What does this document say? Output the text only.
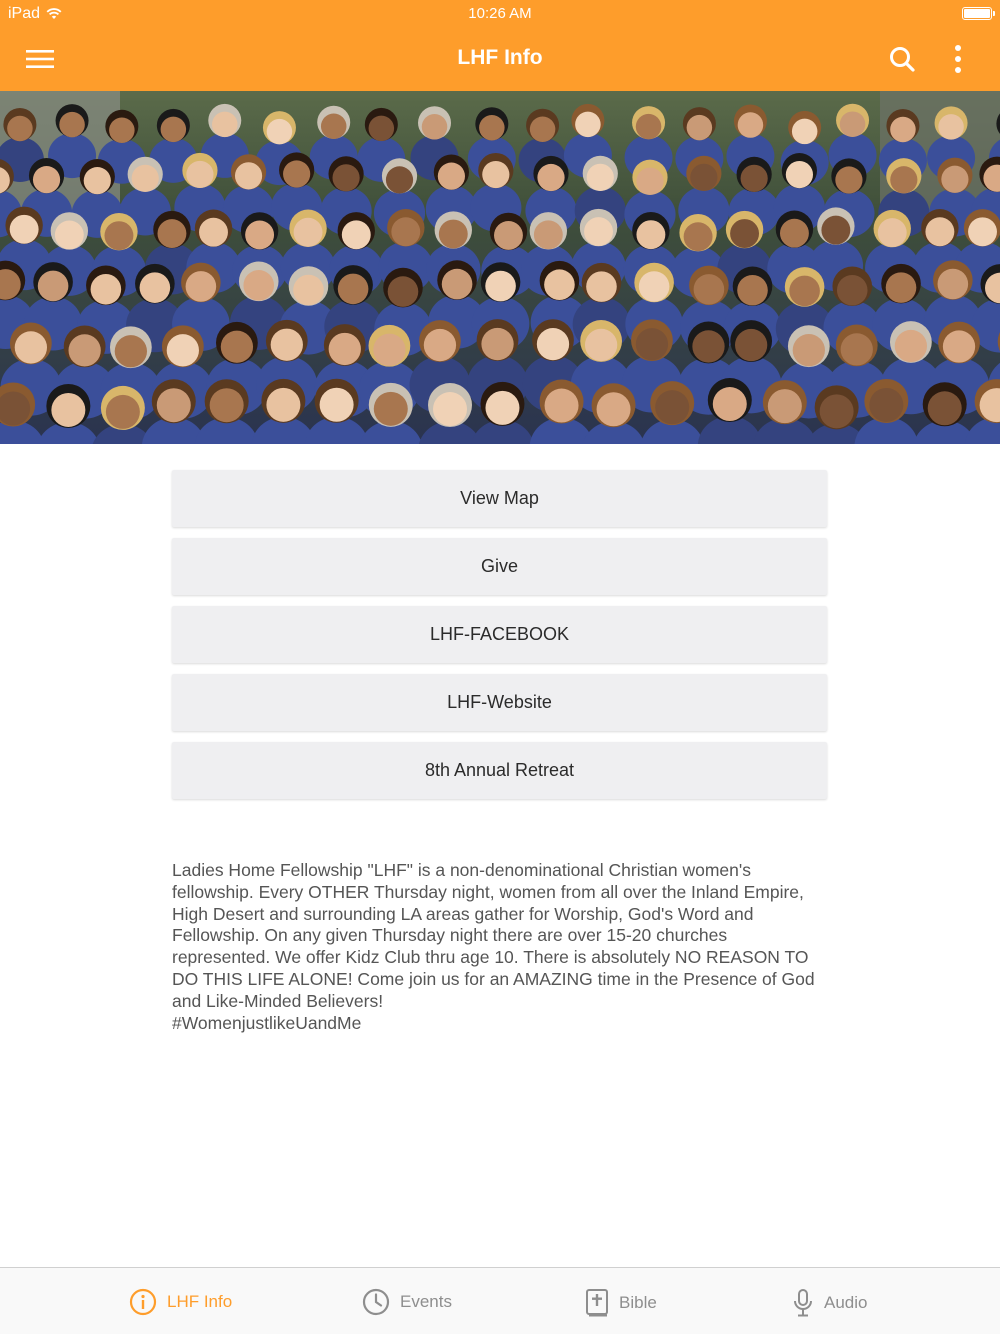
iPad	10:26 AM
LHF Info
View Map
Give
LHF-FACEBOOK
LHF-Website
8th Annual Retreat
Ladies Home Fellowship "LHF" is a non-denominational Christian women's fellowship. Every OTHER Thursday night, women from all over the Inland Empire, High Desert and surrounding LA areas gather for Worship, God's Word and Fellowship. On any given Thursday night there are over 15-20 churches represented. We offer Kidz Club thru age 10. There is absolutely NO REASON TO DO THIS LIFE ALONE! Come join us for an AMAZING time in the Presence of God and Like-Minded Believers!
#WomenjustlikeUandMe
LHF Info	Events	Bible	Audio
